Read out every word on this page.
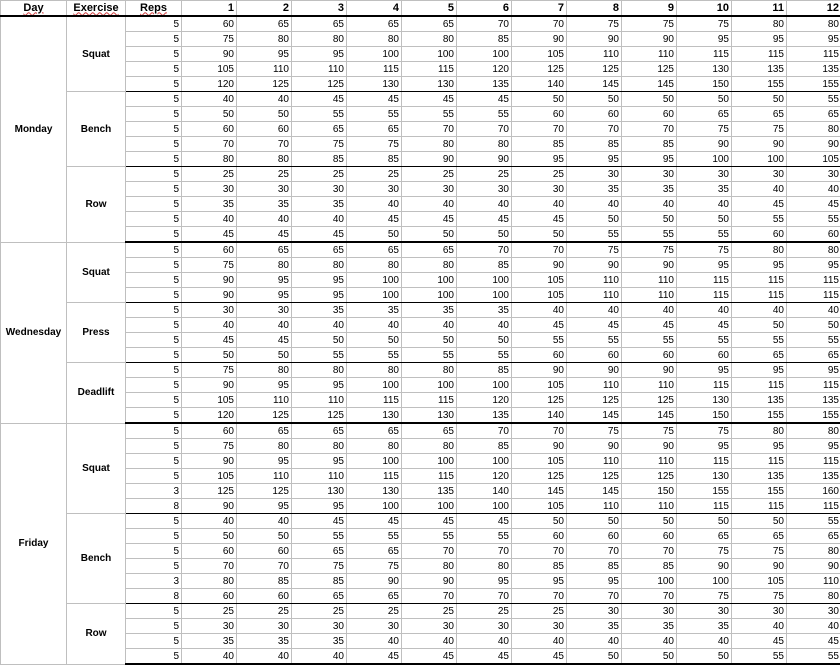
Day	Exercise	Reps	1	2	3	4	5	6	7	8	9	10	11	12
Monday	Squat	5	60	65	65	65	65	70	70	75	75	75	80	80
		5	75	80	80	80	80	85	90	90	90	95	95	95
		5	90	95	95	100	100	100	105	110	110	115	115	115
		5	105	110	110	115	115	120	125	125	125	130	135	135
		5	120	125	125	130	130	135	140	145	145	150	155	155
	Bench	5	40	40	45	45	45	45	50	50	50	50	50	55
		5	50	50	55	55	55	55	60	60	60	65	65	65
		5	60	60	65	65	70	70	70	70	70	75	75	80
		5	70	70	75	75	80	80	85	85	85	90	90	90
		5	80	80	85	85	90	90	95	95	95	100	100	105
	Row	5	25	25	25	25	25	25	25	30	30	30	30	30
		5	30	30	30	30	30	30	30	35	35	35	40	40
		5	35	35	35	40	40	40	40	40	40	40	45	45
		5	40	40	40	45	45	45	45	50	50	50	55	55
		5	45	45	45	50	50	50	50	55	55	55	60	60
Wednesday	Squat	5	60	65	65	65	65	70	70	75	75	75	80	80
		5	75	80	80	80	80	85	90	90	90	95	95	95
		5	90	95	95	100	100	100	105	110	110	115	115	115
		5	90	95	95	100	100	100	105	110	110	115	115	115
	Press	5	30	30	35	35	35	35	40	40	40	40	40	40
		5	40	40	40	40	40	40	45	45	45	45	50	50
		5	45	45	50	50	50	50	55	55	55	55	55	55
		5	50	50	55	55	55	55	60	60	60	60	65	65
	Deadlift	5	75	80	80	80	80	85	90	90	90	95	95	95
		5	90	95	95	100	100	100	105	110	110	115	115	115
		5	105	110	110	115	115	120	125	125	125	130	135	135
		5	120	125	125	130	130	135	140	145	145	150	155	155
Friday	Squat	5	60	65	65	65	65	70	70	75	75	75	80	80
		5	75	80	80	80	80	85	90	90	90	95	95	95
		5	90	95	95	100	100	100	105	110	110	115	115	115
		5	105	110	110	115	115	120	125	125	125	130	135	135
		3	125	125	130	130	135	140	145	145	150	155	155	160
		8	90	95	95	100	100	100	105	110	110	115	115	115
	Bench	5	40	40	45	45	45	45	50	50	50	50	50	55
		5	50	50	55	55	55	55	60	60	60	65	65	65
		5	60	60	65	65	70	70	70	70	70	75	75	80
		5	70	70	75	75	80	80	85	85	85	90	90	90
		3	80	85	85	90	90	95	95	95	100	100	105	110
		8	60	60	65	65	70	70	70	70	70	75	75	80
	Row	5	25	25	25	25	25	25	25	30	30	30	30	30
		5	30	30	30	30	30	30	30	35	35	35	40	40
		5	35	35	35	40	40	40	40	40	40	40	45	45
		5	40	40	40	45	45	45	45	50	50	50	55	55
